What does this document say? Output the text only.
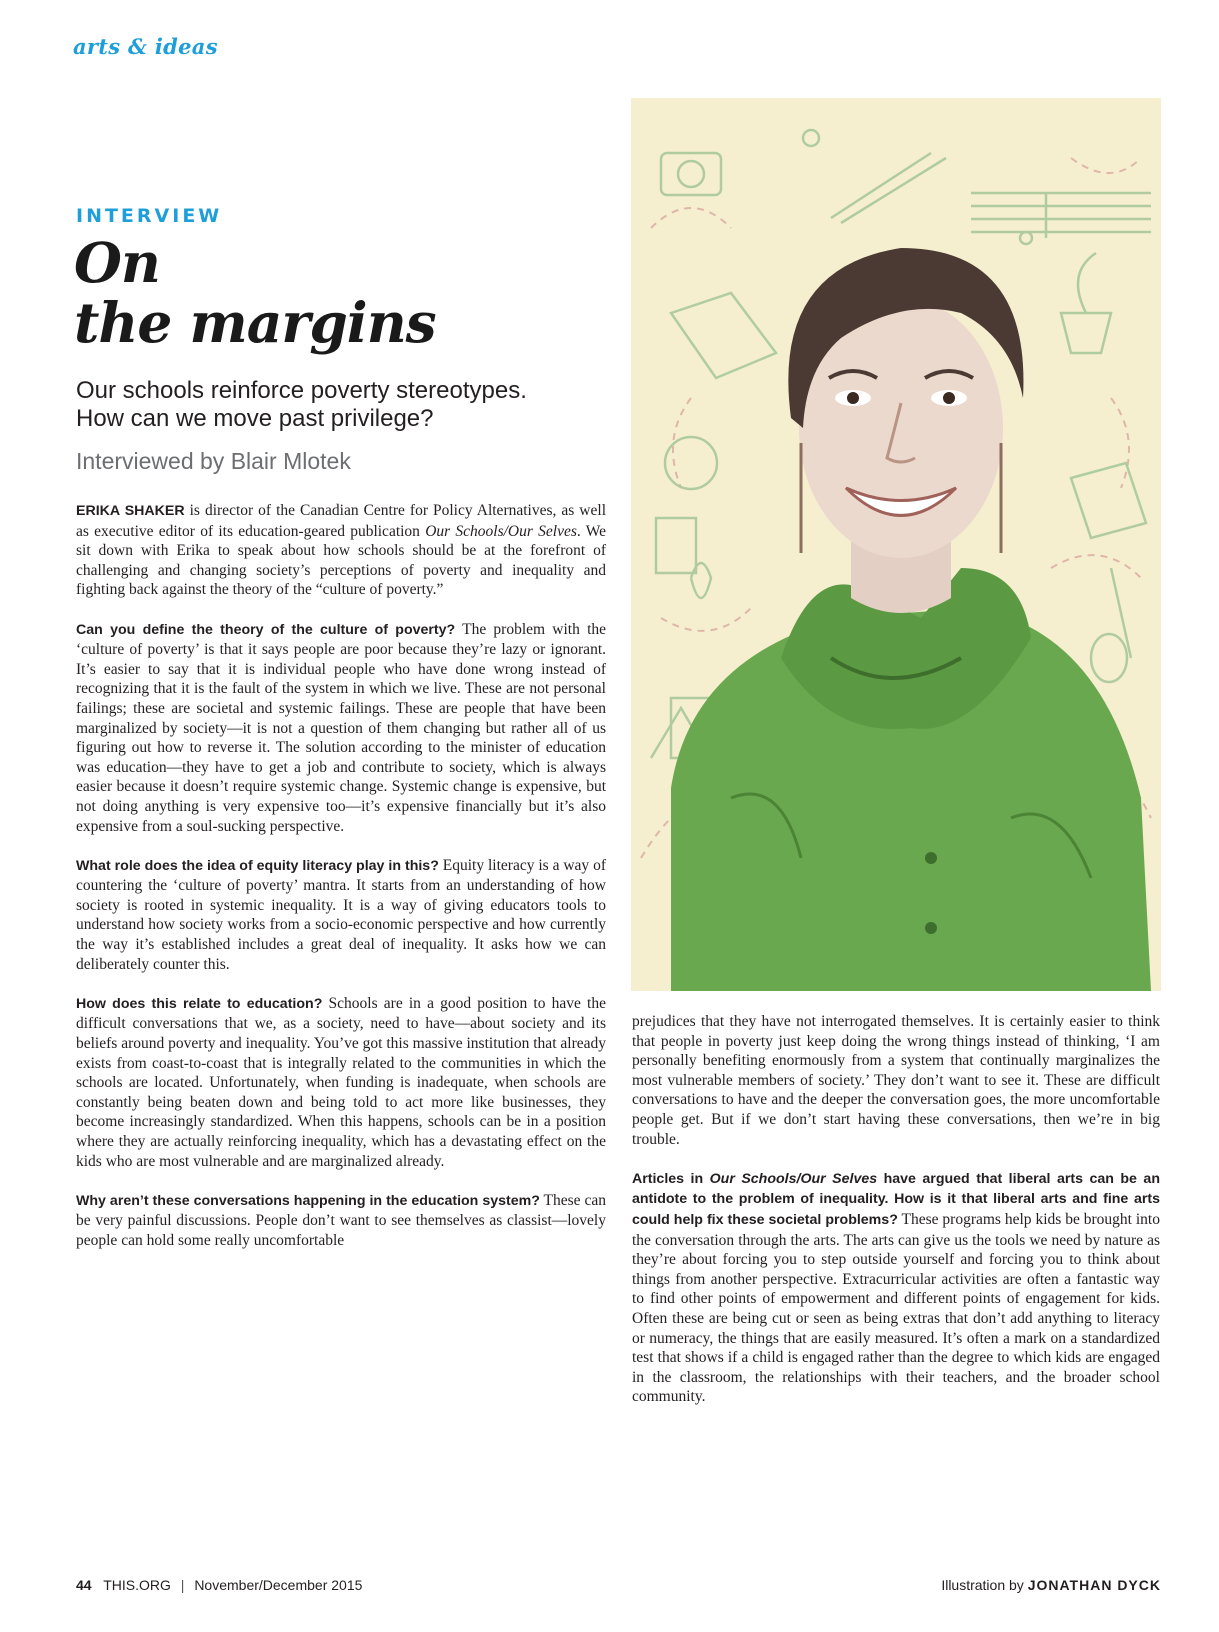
arts & ideas
INTERVIEW
On
the margins
Our schools reinforce poverty stereotypes.
How can we move past privilege?
Interviewed by Blair Mlotek

ERIKA SHAKER is director of the Canadian Centre for Policy Alternatives, as well as executive editor of its education-geared publication Our Schools/Our Selves. We sit down with Erika to speak about how schools should be at the forefront of challenging and changing society’s perceptions of poverty and inequality and fighting back against the theory of the “culture of poverty.”

Can you define the theory of the culture of poverty? The problem with the ‘culture of poverty’ is that it says people are poor because they’re lazy or ignorant. It’s easier to say that it is individual people who have done wrong instead of recognizing that it is the fault of the system in which we live. These are not personal failings; these are societal and systemic failings. These are people that have been marginalized by society—it is not a question of them changing but rather all of us figuring out how to reverse it. The solution according to the minister of education was education—they have to get a job and contribute to society, which is always easier because it doesn’t require systemic change. Systemic change is expensive, but not doing anything is very expensive too—it’s expensive financially but it’s also expensive from a soul-sucking perspective.

What role does the idea of equity literacy play in this? Equity literacy is a way of countering the ‘culture of poverty’ mantra. It starts from an understanding of how society is rooted in systemic inequality. It is a way of giving educators tools to understand how society works from a socio-economic perspective and how currently the way it’s established includes a great deal of inequality. It asks how we can deliberately counter this.

How does this relate to education? Schools are in a good position to have the difficult conversations that we, as a society, need to have—about society and its beliefs around poverty and inequality. You’ve got this massive institution that already exists from coast-to-coast that is integrally related to the communities in which the schools are located. Unfortunately, when funding is inadequate, when schools are constantly being beaten down and being told to act more like businesses, they become increasingly standardized. When this happens, schools can be in a position where they are actually reinforcing inequality, which has a devastating effect on the kids who are most vulnerable and are marginalized already.

Why aren’t these conversations happening in the education system? These can be very painful discussions. People don’t want to see themselves as classist—lovely people can hold some really uncomfortable

prejudices that they have not interrogated themselves. It is certainly easier to think that people in poverty just keep doing the wrong things instead of thinking, ‘I am personally benefiting enormously from a system that continually marginalizes the most vulnerable members of society.’ They don’t want to see it. These are difficult conversations to have and the deeper the conversation goes, the more uncomfortable people get. But if we don’t start having these conversations, then we’re in big trouble.

Articles in Our Schools/Our Selves have argued that liberal arts can be an antidote to the problem of inequality. How is it that liberal arts and fine arts could help fix these societal problems? These programs help kids be brought into the conversation through the arts. The arts can give us the tools we need by nature as they’re about forcing you to step outside yourself and forcing you to think about things from another perspective. Extracurricular activities are often a fantastic way to find other points of empowerment and different points of engagement for kids. Often these are being cut or seen as being extras that don’t add anything to literacy or numeracy, the things that are easily measured. It’s often a mark on a standardized test that shows if a child is engaged rather than the degree to which kids are engaged in the classroom, the relationships with their teachers, and the broader school community.

44 THIS.ORG | November/December 2015	Illustration by JONATHAN DYCK
